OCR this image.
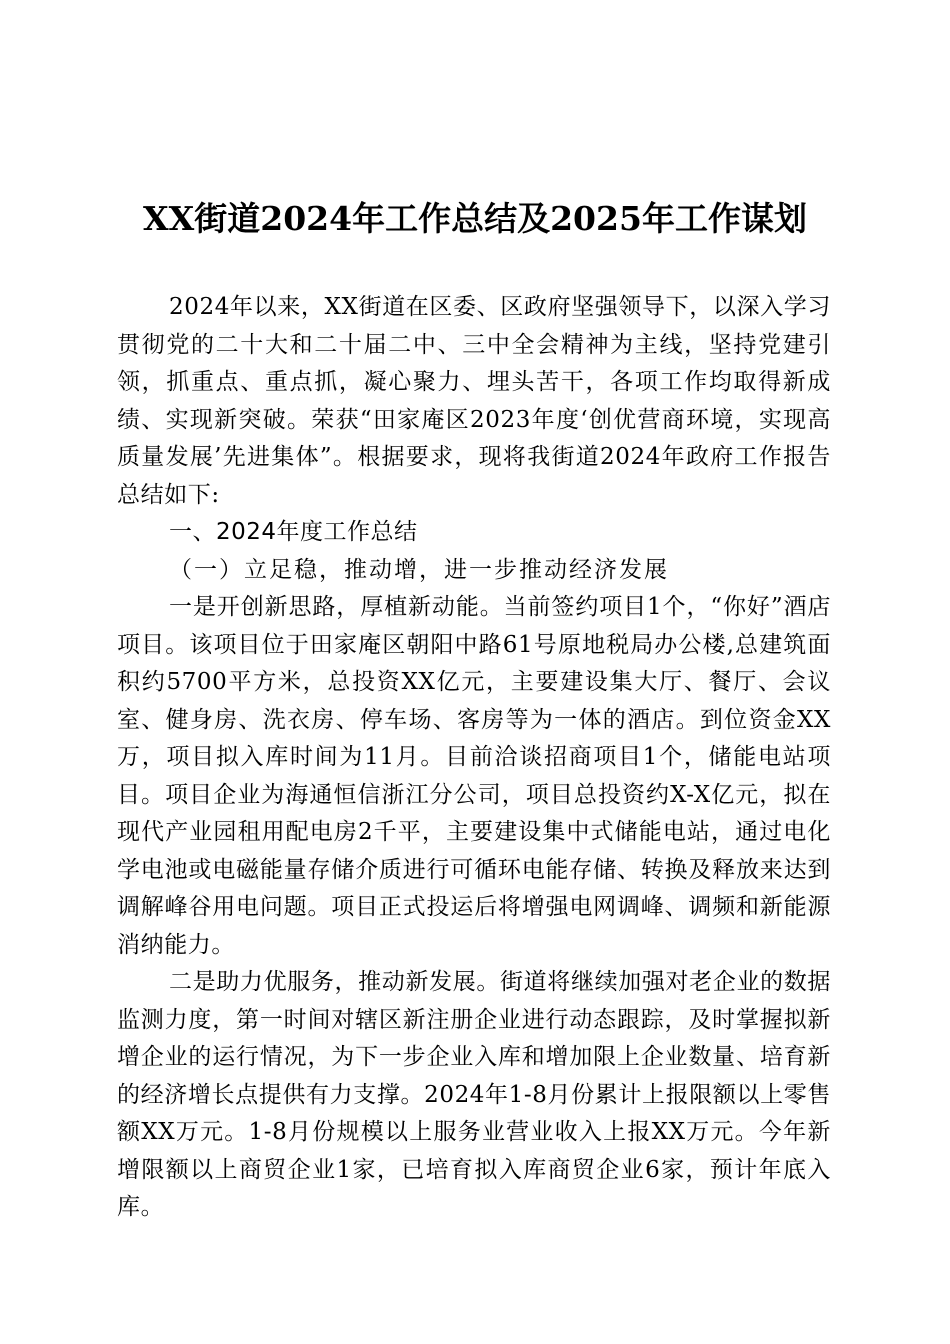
XX街道2024年工作总结及2025年工作谋划

2024年以来，XX街道在区委、区政府坚强领导下，以深入学习贯彻党的二十大和二十届二中、三中全会精神为主线，坚持党建引领，抓重点、重点抓，凝心聚力、埋头苦干，各项工作均取得新成绩、实现新突破。荣获“田家庵区2023年度‘创优营商环境，实现高质量发展’先进集体”。根据要求，现将我街道2024年政府工作报告总结如下:

一、2024年度工作总结

（一）立足稳，推动增，进一步推动经济发展

一是开创新思路，厚植新动能。当前签约项目1个，“你好”酒店项目。该项目位于田家庵区朝阳中路61号原地税局办公楼,总建筑面积约5700平方米，总投资XX亿元，主要建设集大厅、餐厅、会议室、健身房、洗衣房、停车场、客房等为一体的酒店。到位资金XX万，项目拟入库时间为11月。目前洽谈招商项目1个，储能电站项目。项目企业为海通恒信浙江分公司，项目总投资约X-X亿元，拟在现代产业园租用配电房2千平，主要建设集中式储能电站，通过电化学电池或电磁能量存储介质进行可循环电能存储、转换及释放来达到调解峰谷用电问题。项目正式投运后将增强电网调峰、调频和新能源消纳能力。

二是助力优服务，推动新发展。街道将继续加强对老企业的数据监测力度，第一时间对辖区新注册企业进行动态跟踪，及时掌握拟新增企业的运行情况，为下一步企业入库和增加限上企业数量、培育新的经济增长点提供有力支撑。2024年1-8月份累计上报限额以上零售额XX万元。1-8月份规模以上服务业营业收入上报XX万元。今年新增限额以上商贸企业1家，已培育拟入库商贸企业6家，预计年底入库。
